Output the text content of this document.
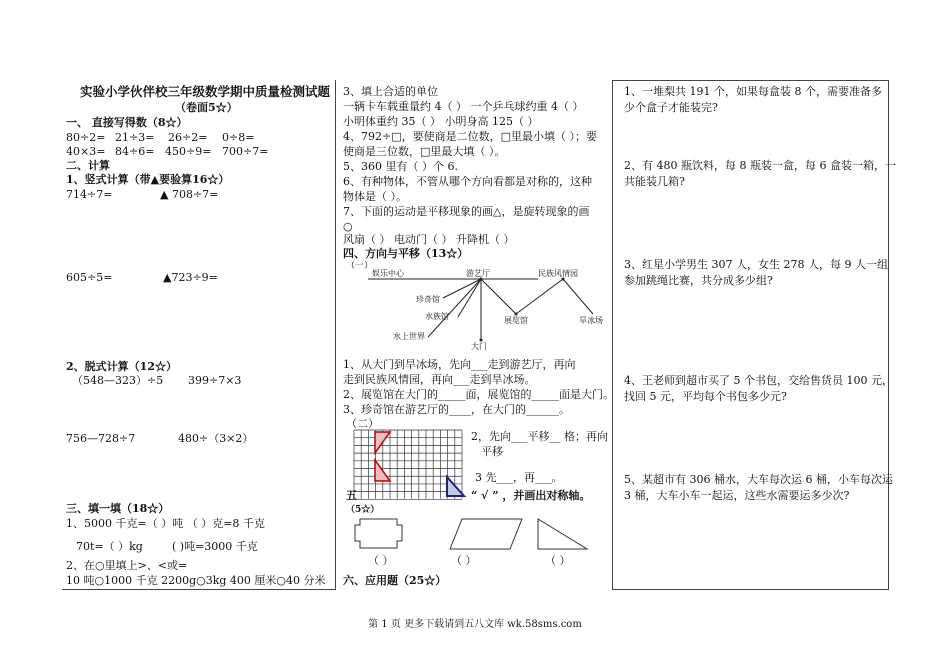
实验小学伙伴校三年级数学期中质量检测试题
（卷面5☆）
一、 直接写得数（8☆）
80÷2= 21÷3= 26÷2= 0÷8=
40×3= 84÷6= 450÷9= 700÷7=
二、计算
1、竖式计算（带▲要验算16☆）
714÷7=	▲ 708÷7=
605÷5=	▲723÷9=
2、脱式计算（12☆）
（548—323）÷5 399÷7×3
756—728÷7	480÷（3×2）
三、填一填（18☆）
1、5000 千克=（ ）吨 （ ）克=8 千克
70t=（ ）kg	( )吨=3000 千克
2、在○里填上>、<或=
10 吨○1000 千克 2200g○3kg 400 厘米○40 分米
3、填上合适的单位
一辆卡车载重量约 4（ ） 一个乒乓球约重 4（ ）
小明体重约 35（ ） 小明身高 125（ ）
4、792÷□，要使商是二位数，□里最小填（ ）；要
使商是三位数，□里最大填（ ）。
5、360 里有（ ）个 6.
6、有种物体，不管从哪个方向看都是对称的，这种
物体是（ ）。
7、下面的运动是平移现象的画△，是旋转现象的画
○
风扇（ ） 电动门（ ） 升降机（ ）
四、方向与平移（13☆）
（一）
娱乐中心	游艺厅	民族风情园
珍奇馆
水族馆	展览馆	旱冰场
水上世界
大门
1、从大门到旱冰场，先向___走到游艺厅，再向
走到民族风情园，再向___走到旱冰场。
2、展览馆在大门的_____面，展览馆的_____面是大门。
3、珍奇馆在游艺厅的____，在大门的______。
（二）
2，先向___平移__ 格；再向
平移
3 先___，再___。
五	“ √ ” ，并画出对称轴。
（5☆）
（ ）	（ ）	（ ）
六、应用题（25☆）
1、一堆梨共 191 个，如果每盒装 8 个，需要准备多
少个盒子才能装完?
2、有 480 瓶饮料，每 8 瓶装一盒，每 6 盒装一箱，一
共能装几箱?
3、红星小学男生 307 人，女生 278 人，每 9 人一组
参加跳绳比赛，共分成多少组?
4、王老师到超市买了 5 个书包，交给售货员 100 元，
找回 5 元，平均每个书包多少元?
5、某超市有 306 桶水，大车每次运 6 桶，小车每次运
3 桶，大车小车一起运，这些水需要运多少次?
第 1 页 更多下载请到五八文库 wk.58sms.com
